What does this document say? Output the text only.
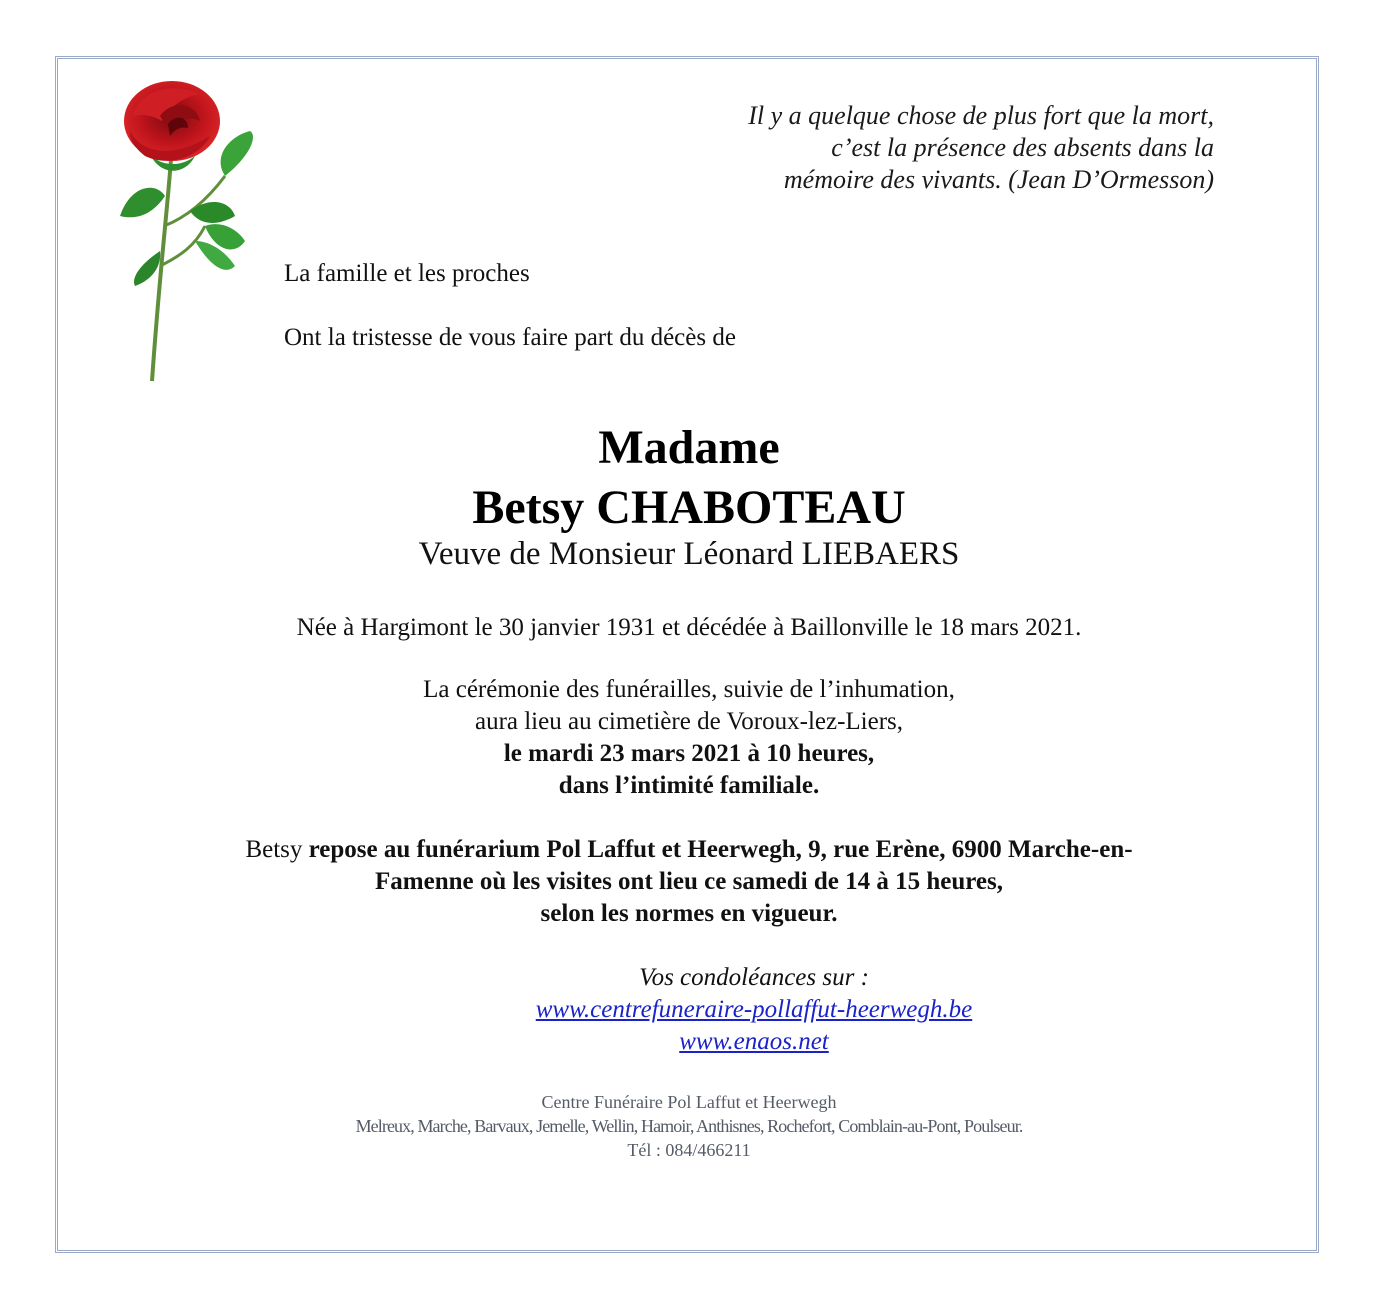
Il y a quelque chose de plus fort que la mort,
c’est la présence des absents dans la
mémoire des vivants. (Jean D’Ormesson)
La famille et les proches
Ont la tristesse de vous faire part du décès de
Madame
Betsy CHABOTEAU
Veuve de Monsieur Léonard LIEBAERS
Née à Hargimont le 30 janvier 1931 et décédée à Baillonville le 18 mars 2021.
La cérémonie des funérailles, suivie de l’inhumation,
aura lieu au cimetière de Voroux-lez-Liers,
le mardi 23 mars 2021 à 10 heures,
dans l’intimité familiale.
Betsy repose au funérarium Pol Laffut et Heerwegh, 9, rue Erène, 6900 Marche-en-
Famenne où les visites ont lieu ce samedi de 14 à 15 heures,
selon les normes en vigueur.
Vos condoléances sur :
www.centrefuneraire-pollaffut-heerwegh.be
www.enaos.net
Centre Funéraire Pol Laffut et Heerwegh
Melreux, Marche, Barvaux, Jemelle, Wellin, Hamoir, Anthisnes, Rochefort, Comblain-au-Pont, Poulseur.
Tél : 084/466211
